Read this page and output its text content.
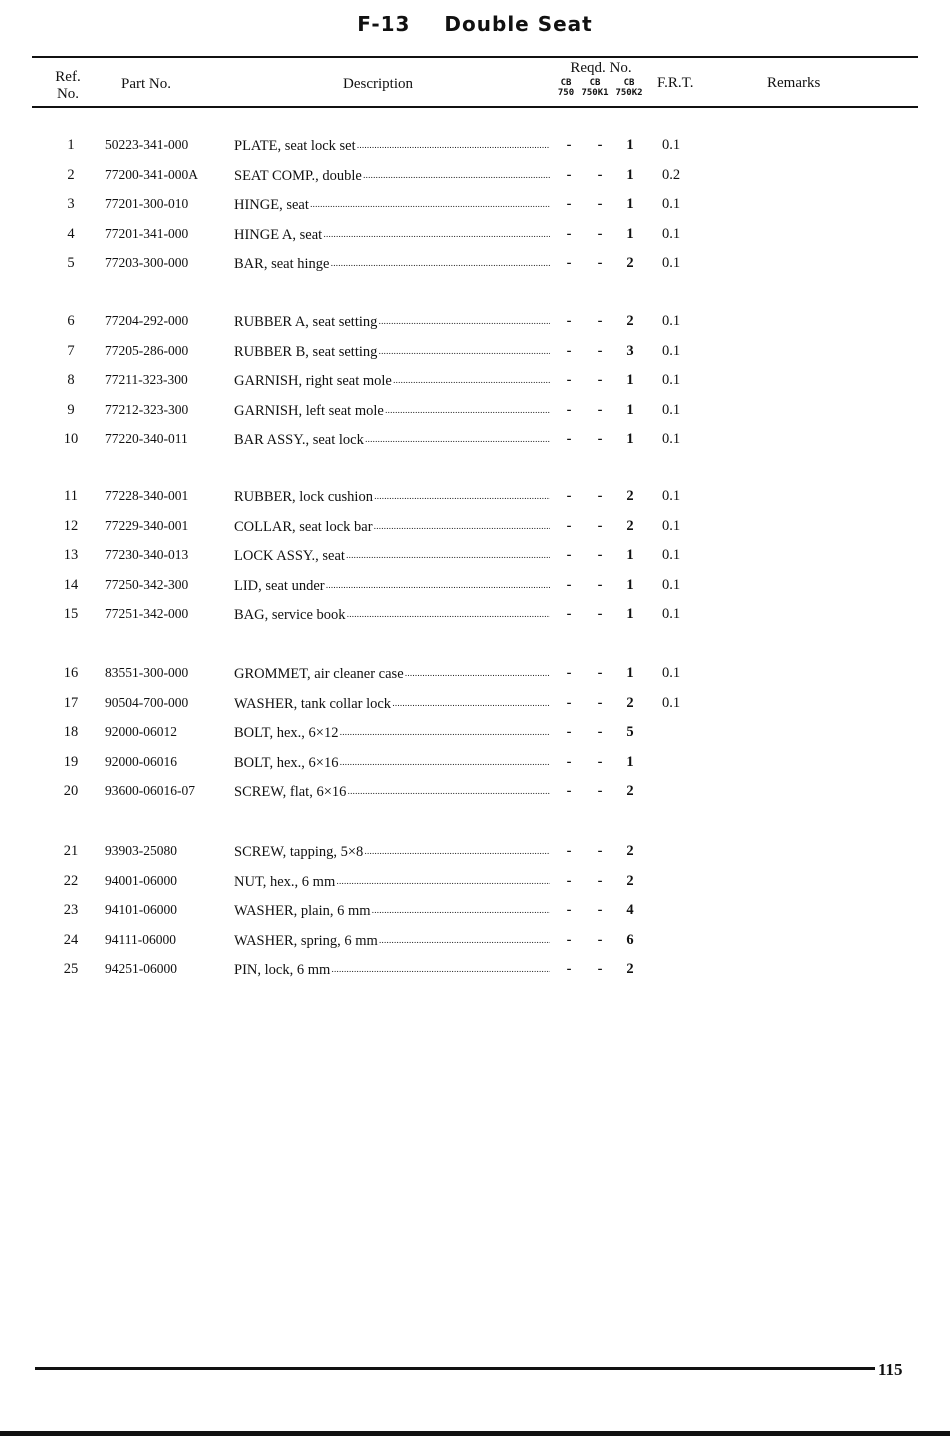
F-13 Double Seat
Ref.
No.
Part No.	Description
Reqd. No.
CB
750
CB
750K1
CB
750K2
F.R.T.	Remarks
1	50223-341-000	PLATE, seat lock set . . .	-	-	1	0.1
2	77200-341-000A	SEAT COMP., double . . .	-	-	1	0.2
3	77201-300-010	HINGE, seat . . .	-	-	1	0.1
4	77201-341-000	HINGE A, seat . . .	-	-	1	0.1
5	77203-300-000	BAR, seat hinge . . .	-	-	2	0.1
6	77204-292-000	RUBBER A, seat setting . . .	-	-	2	0.1
7	77205-286-000	RUBBER B, seat setting . . .	-	-	3	0.1
8	77211-323-300	GARNISH, right seat mole . . .	-	-	1	0.1
9	77212-323-300	GARNISH, left seat mole . . .	-	-	1	0.1
10	77220-340-011	BAR ASSY., seat lock . . .	-	-	1	0.1
11	77228-340-001	RUBBER, lock cushion . . .	-	-	2	0.1
12	77229-340-001	COLLAR, seat lock bar . . .	-	-	2	0.1
13	77230-340-013	LOCK ASSY., seat . . .	-	-	1	0.1
14	77250-342-300	LID, seat under . . .	-	-	1	0.1
15	77251-342-000	BAG, service book . . .	-	-	1	0.1
16	83551-300-000	GROMMET, air cleaner case . . .	-	-	1	0.1
17	90504-700-000	WASHER, tank collar lock . . .	-	-	2	0.1
18	92000-06012	BOLT, hex., 6×12 . . .	-	-	5
19	92000-06016	BOLT, hex., 6×16 . . .	-	-	1
20	93600-06016-07	SCREW, flat, 6×16 . . .	-	-	2
21	93903-25080	SCREW, tapping, 5×8 . . .	-	-	2
22	94001-06000	NUT, hex., 6 mm . . .	-	-	2
23	94101-06000	WASHER, plain, 6 mm . . .	-	-	4
24	94111-06000	WASHER, spring, 6 mm . . .	-	-	6
25	94251-06000	PIN, lock, 6 mm . . .	-	-	2
115
